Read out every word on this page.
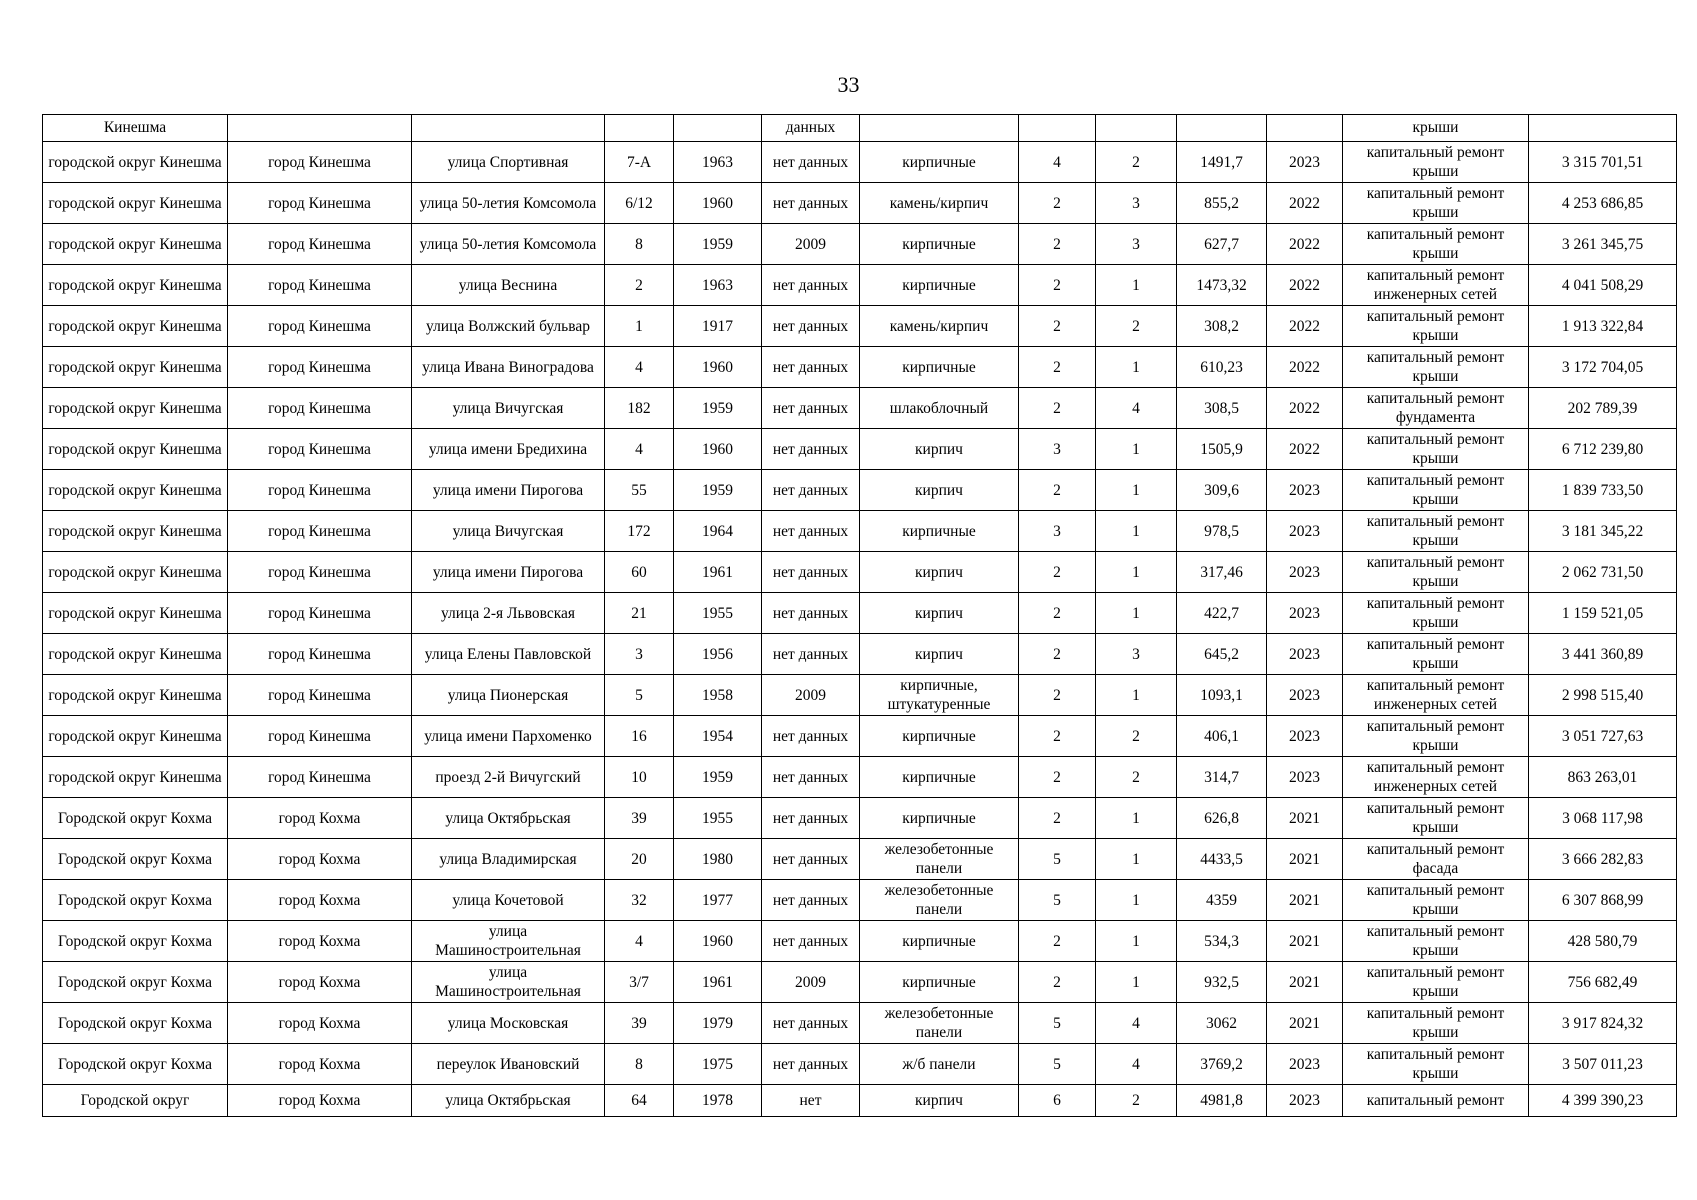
33
Кинешма					данных						крыши	
городской округ Кинешма	город Кинешма	улица Спортивная	7-А	1963	нет данных	кирпичные	4	2	1491,7	2023	капитальный ремонт крыши	3 315 701,51
городской округ Кинешма	город Кинешма	улица 50-летия Комсомола	6/12	1960	нет данных	камень/кирпич	2	3	855,2	2022	капитальный ремонт крыши	4 253 686,85
городской округ Кинешма	город Кинешма	улица 50-летия Комсомола	8	1959	2009	кирпичные	2	3	627,7	2022	капитальный ремонт крыши	3 261 345,75
городской округ Кинешма	город Кинешма	улица Веснина	2	1963	нет данных	кирпичные	2	1	1473,32	2022	капитальный ремонт инженерных сетей	4 041 508,29
городской округ Кинешма	город Кинешма	улица Волжский бульвар	1	1917	нет данных	камень/кирпич	2	2	308,2	2022	капитальный ремонт крыши	1 913 322,84
городской округ Кинешма	город Кинешма	улица Ивана Виноградова	4	1960	нет данных	кирпичные	2	1	610,23	2022	капитальный ремонт крыши	3 172 704,05
городской округ Кинешма	город Кинешма	улица Вичугская	182	1959	нет данных	шлакоблочный	2	4	308,5	2022	капитальный ремонт фундамента	202 789,39
городской округ Кинешма	город Кинешма	улица имени Бредихина	4	1960	нет данных	кирпич	3	1	1505,9	2022	капитальный ремонт крыши	6 712 239,80
городской округ Кинешма	город Кинешма	улица имени Пирогова	55	1959	нет данных	кирпич	2	1	309,6	2023	капитальный ремонт крыши	1 839 733,50
городской округ Кинешма	город Кинешма	улица Вичугская	172	1964	нет данных	кирпичные	3	1	978,5	2023	капитальный ремонт крыши	3 181 345,22
городской округ Кинешма	город Кинешма	улица имени Пирогова	60	1961	нет данных	кирпич	2	1	317,46	2023	капитальный ремонт крыши	2 062 731,50
городской округ Кинешма	город Кинешма	улица 2-я Львовская	21	1955	нет данных	кирпич	2	1	422,7	2023	капитальный ремонт крыши	1 159 521,05
городской округ Кинешма	город Кинешма	улица Елены Павловской	3	1956	нет данных	кирпич	2	3	645,2	2023	капитальный ремонт крыши	3 441 360,89
городской округ Кинешма	город Кинешма	улица Пионерская	5	1958	2009	кирпичные, штукатуренные	2	1	1093,1	2023	капитальный ремонт инженерных сетей	2 998 515,40
городской округ Кинешма	город Кинешма	улица имени Пархоменко	16	1954	нет данных	кирпичные	2	2	406,1	2023	капитальный ремонт крыши	3 051 727,63
городской округ Кинешма	город Кинешма	проезд 2-й Вичугский	10	1959	нет данных	кирпичные	2	2	314,7	2023	капитальный ремонт инженерных сетей	863 263,01
Городской округ Кохма	город Кохма	улица Октябрьская	39	1955	нет данных	кирпичные	2	1	626,8	2021	капитальный ремонт крыши	3 068 117,98
Городской округ Кохма	город Кохма	улица Владимирская	20	1980	нет данных	железобетонные панели	5	1	4433,5	2021	капитальный ремонт фасада	3 666 282,83
Городской округ Кохма	город Кохма	улица Кочетовой	32	1977	нет данных	железобетонные панели	5	1	4359	2021	капитальный ремонт крыши	6 307 868,99
Городской округ Кохма	город Кохма	улица Машиностроительная	4	1960	нет данных	кирпичные	2	1	534,3	2021	капитальный ремонт крыши	428 580,79
Городской округ Кохма	город Кохма	улица Машиностроительная	3/7	1961	2009	кирпичные	2	1	932,5	2021	капитальный ремонт крыши	756 682,49
Городской округ Кохма	город Кохма	улица Московская	39	1979	нет данных	железобетонные панели	5	4	3062	2021	капитальный ремонт крыши	3 917 824,32
Городской округ Кохма	город Кохма	переулок Ивановский	8	1975	нет данных	ж/б панели	5	4	3769,2	2023	капитальный ремонт крыши	3 507 011,23
Городской округ	город Кохма	улица Октябрьская	64	1978	нет	кирпич	6	2	4981,8	2023	капитальный ремонт	4 399 390,23
